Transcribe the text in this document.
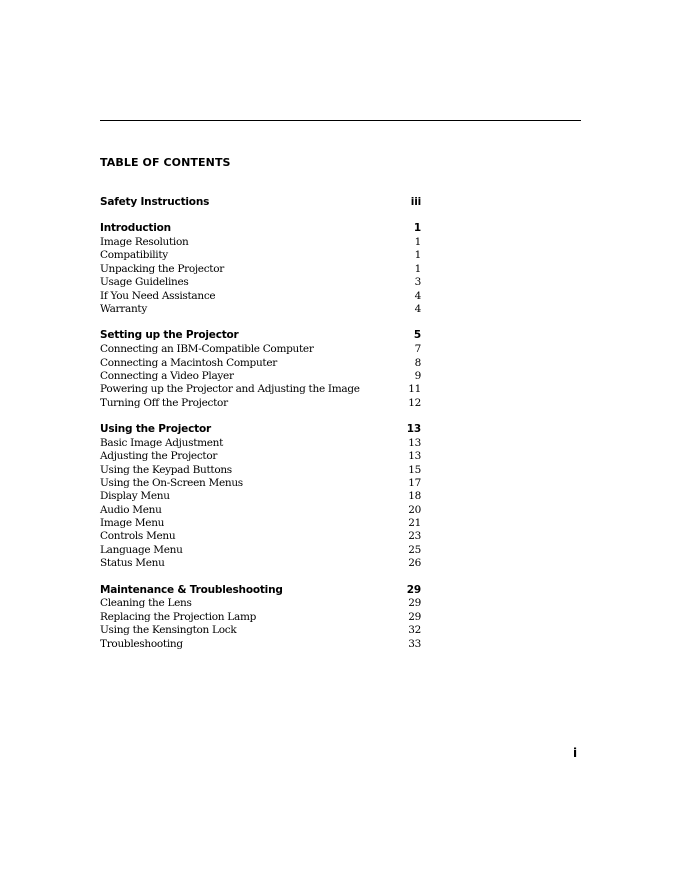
TABLE OF CONTENTS
Safety Instructions	iii
Introduction	1
Image Resolution	1
Compatibility	1
Unpacking the Projector	1
Usage Guidelines	3
If You Need Assistance	4
Warranty	4
Setting up the Projector	5
Connecting an IBM-Compatible Computer	7
Connecting a Macintosh Computer	8
Connecting a Video Player	9
Powering up the Projector and Adjusting the Image	11
Turning Off the Projector	12
Using the Projector	13
Basic Image Adjustment	13
Adjusting the Projector	13
Using the Keypad Buttons	15
Using the On-Screen Menus	17
Display Menu	18
Audio Menu	20
Image Menu	21
Controls Menu	23
Language Menu	25
Status Menu	26
Maintenance & Troubleshooting	29
Cleaning the Lens	29
Replacing the Projection Lamp	29
Using the Kensington Lock	32
Troubleshooting	33

i
